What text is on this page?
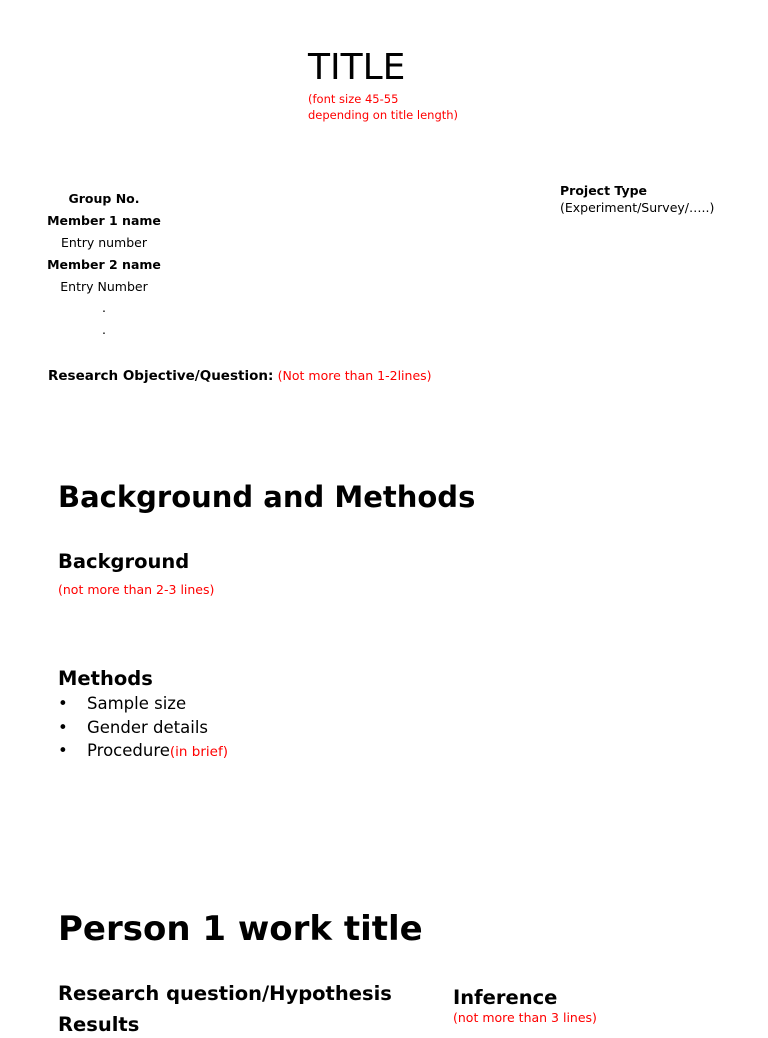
TITLE
(font size 45-55
depending on title length)
Group No.
Member 1 name
Entry number
Member 2 name
Entry Number
.
.
Project Type
(Experiment/Survey/…..)
Research Objective/Question: (Not more than 1-2lines)
Background and Methods
Background
(not more than 2-3 lines)
Methods
• Sample size
• Gender details
• Procedure(in brief)
Person 1 work title
Research question/Hypothesis
Results
Inference
(not more than 3 lines)
